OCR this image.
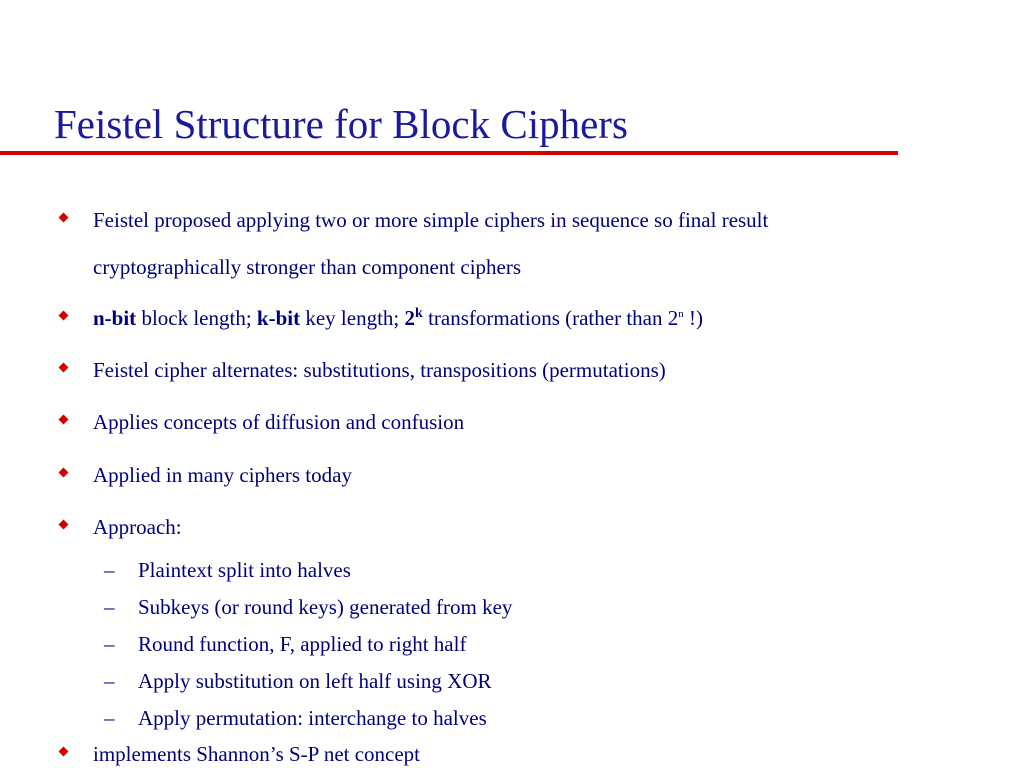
Feistel Structure for Block Ciphers
Feistel proposed applying two or more simple ciphers in sequence so final result
cryptographically stronger than component ciphers
n-bit block length; k-bit key length; 2$^k$ transformations (rather than 2$^n$ !)
Feistel cipher alternates: substitutions, transpositions (permutations)
Applies concepts of diffusion and confusion
Applied in many ciphers today
Approach:
– Plaintext split into halves
– Subkeys (or round keys) generated from key
– Round function, F, applied to right half
– Apply substitution on left half using XOR
– Apply permutation: interchange to halves
implements Shannon’s S-P net concept
